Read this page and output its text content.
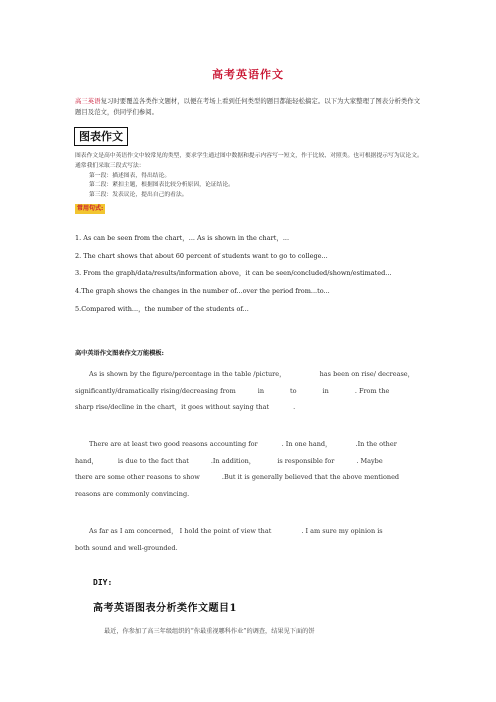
高考英语作文
高三英语复习时要覆盖各类作文题材，以便在考场上看到任何类型的题目都能轻松搞定。以下为大家整理了图表分析类作文题目及范文，供同学们参阅。
图表作文

图表作文是高中英语作文中较常见的类型，要求学生通过图中数据和提示内容写一短文，作于比较、对照类。也可根据提示写为议论文。通常我们采取三段式写法：

第一段：描述图表，得出结论。

第二段：紧扣主题，根据图表比较分析原因，论证结论。

第三段：发表议论，提出自己的看法。

常用句式:
1. As can be seen from the chart，... As is shown in the chart，...
2. The chart shows that about 60 percent of students want to go to college...
3. From the graph/data/results/information above，it can be seen/concluded/shown/estimated...
4.The graph shows the changes in the number of...over the period from...to...
5.Compared with...，the number of the students of...
高中英语作文图表作文万能模板:
As is shown by the figure/percentage in the table /picture，	has been on rise/ decrease，
significantly/dramatically rising/decreasing from	in	to	in	. From the
sharp rise/decline in the chart，it goes without saying that	.
There are at least two good reasons accounting for	. In one hand，	.In the other
hand，	is due to the fact that	.In addition，	is responsible for	. Maybe
there are some other reasons to show	.But it is generally believed that the above mentioned
reasons are commonly convincing.
As far as I am concerned， I hold the point of view that	. I am sure my opinion is
both sound and well-grounded.
DIY:
高考英语图表分析类作文题目1
最近，你参加了高三年级组织的“你最重视哪科作业”的调查，结果见下面的饼
